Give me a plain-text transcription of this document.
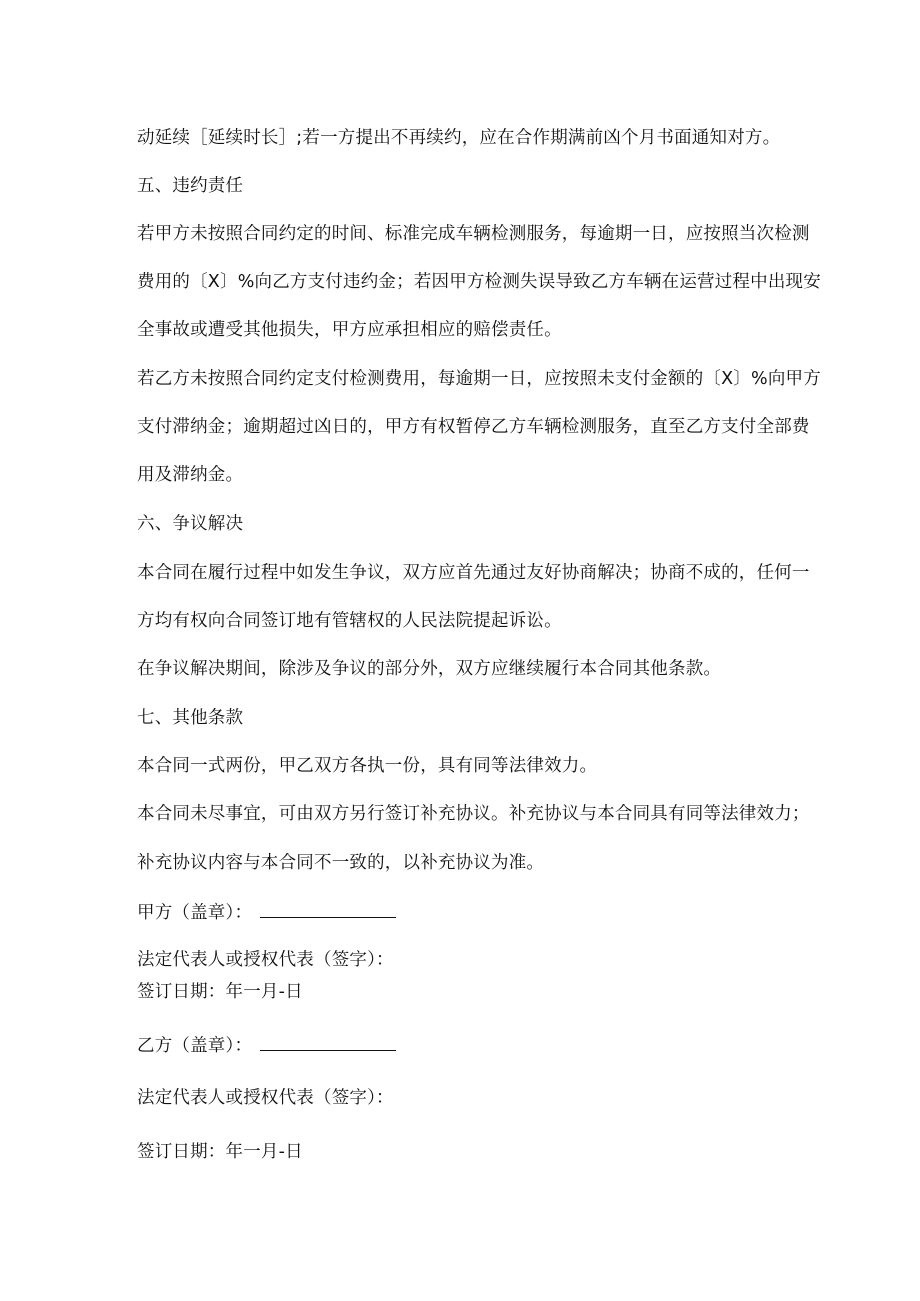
动延续［延续时长］;若一方提出不再续约，应在合作期满前凶个月书面通知对方。
五、违约责任
若甲方未按照合同约定的时间、标准完成车辆检测服务，每逾期一日，应按照当次检测
费用的〔X〕%向乙方支付违约金；若因甲方检测失误导致乙方车辆在运营过程中出现安
全事故或遭受其他损失，甲方应承担相应的赔偿责任。
若乙方未按照合同约定支付检测费用，每逾期一日，应按照未支付金额的〔X〕%向甲方
支付滞纳金；逾期超过凶日的，甲方有权暂停乙方车辆检测服务，直至乙方支付全部费
用及滞纳金。
六、争议解决
本合同在履行过程中如发生争议，双方应首先通过友好协商解决；协商不成的，任何一
方均有权向合同签订地有管辖权的人民法院提起诉讼。
在争议解决期间，除涉及争议的部分外，双方应继续履行本合同其他条款。
七、其他条款
本合同一式两份，甲乙双方各执一份，具有同等法律效力。
本合同未尽事宜，可由双方另行签订补充协议。补充协议与本合同具有同等法律效力；
补充协议内容与本合同不一致的，以补充协议为准。
甲方（盖章）：
法定代表人或授权代表（签字）：
签订日期：年一月-日
乙方（盖章）：
法定代表人或授权代表（签字）：
签订日期：年一月-日
